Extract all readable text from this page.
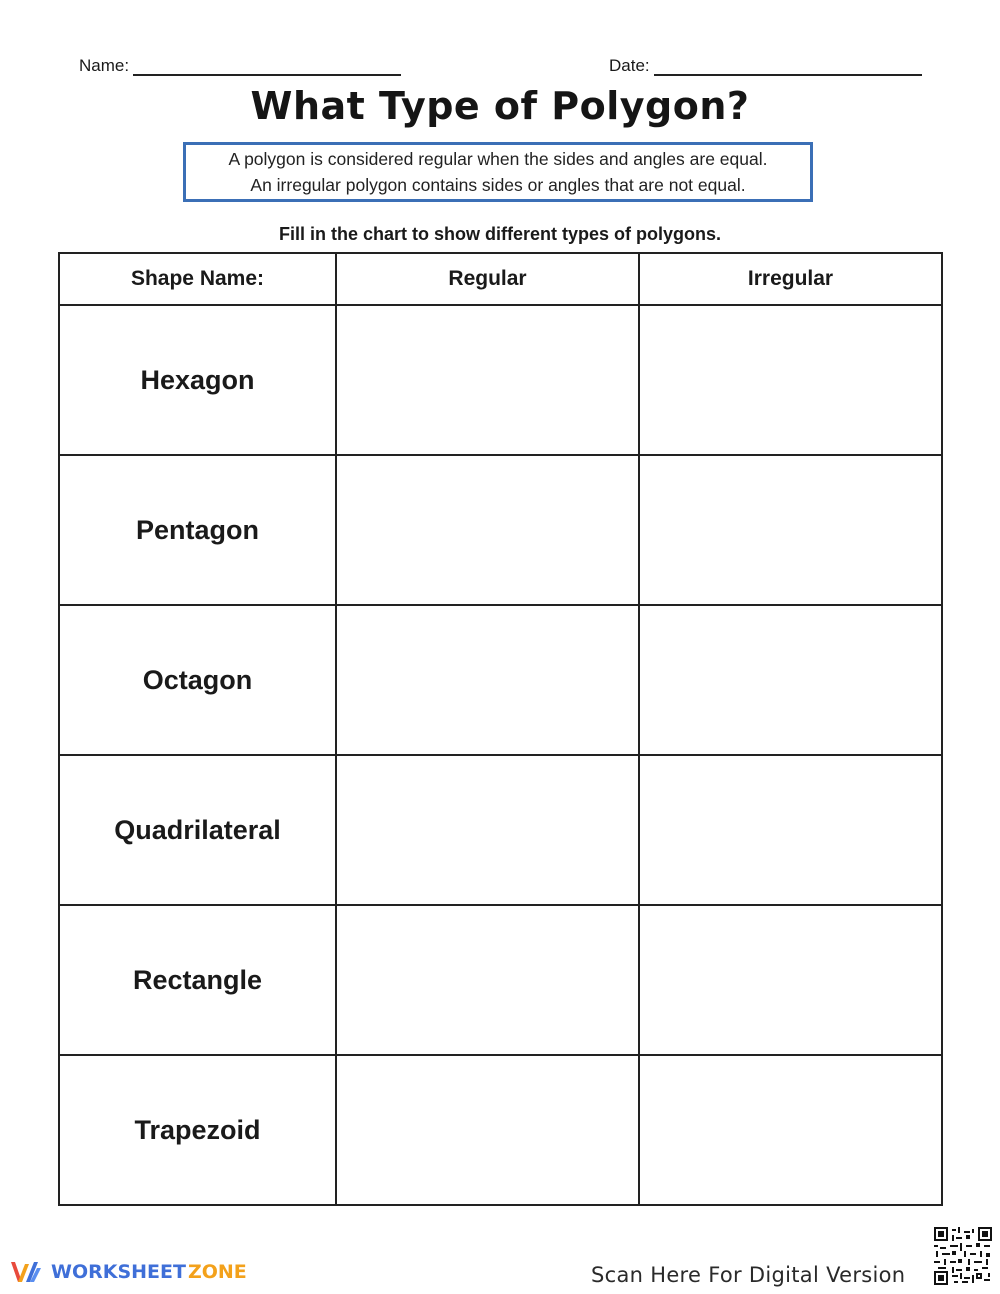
Name:	Date:
What Type of Polygon?
A polygon is considered regular when the sides and angles are equal.
An irregular polygon contains sides or angles that are not equal.
Fill in the chart to show different types of polygons.
Shape Name:	Regular	Irregular
Hexagon		
Pentagon		
Octagon		
Quadrilateral		
Rectangle		
Trapezoid		
WORKSHEET ZONE	Scan Here For Digital Version
